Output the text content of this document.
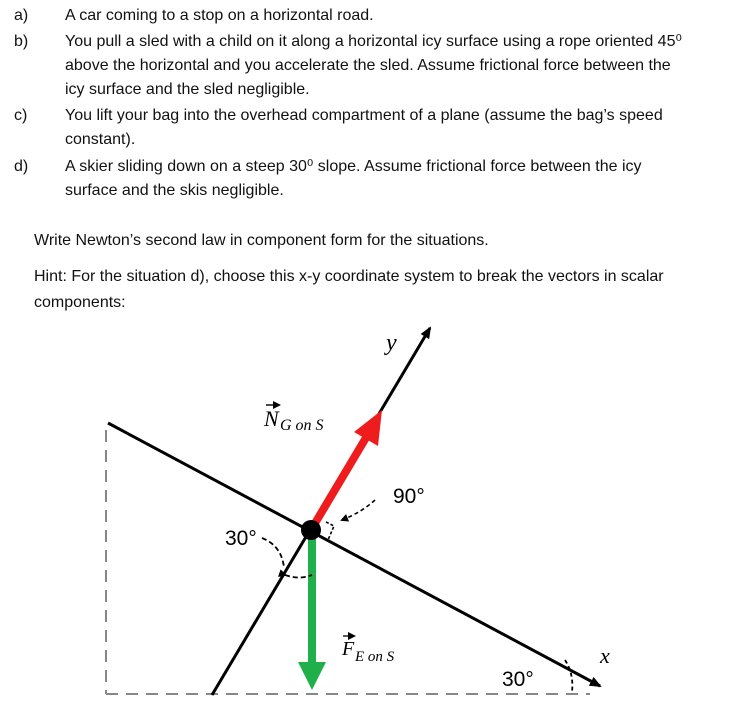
a)	A car coming to a stop on a horizontal road.
b)	You pull a sled with a child on it along a horizontal icy surface using a rope oriented 45⁰
above the horizontal and you accelerate the sled. Assume frictional force between the
icy surface and the sled negligible.
c)	You lift your bag into the overhead compartment of a plane (assume the bag’s speed
constant).
d)	A skier sliding down on a steep 30⁰ slope. Assume frictional force between the icy
surface and the skis negligible.
Write Newton’s second law in component form for the situations.
Hint: For the situation d), choose this x-y coordinate system to break the vectors in scalar
components:
y
x
N G on S
F E on S
90°
30°
30°
